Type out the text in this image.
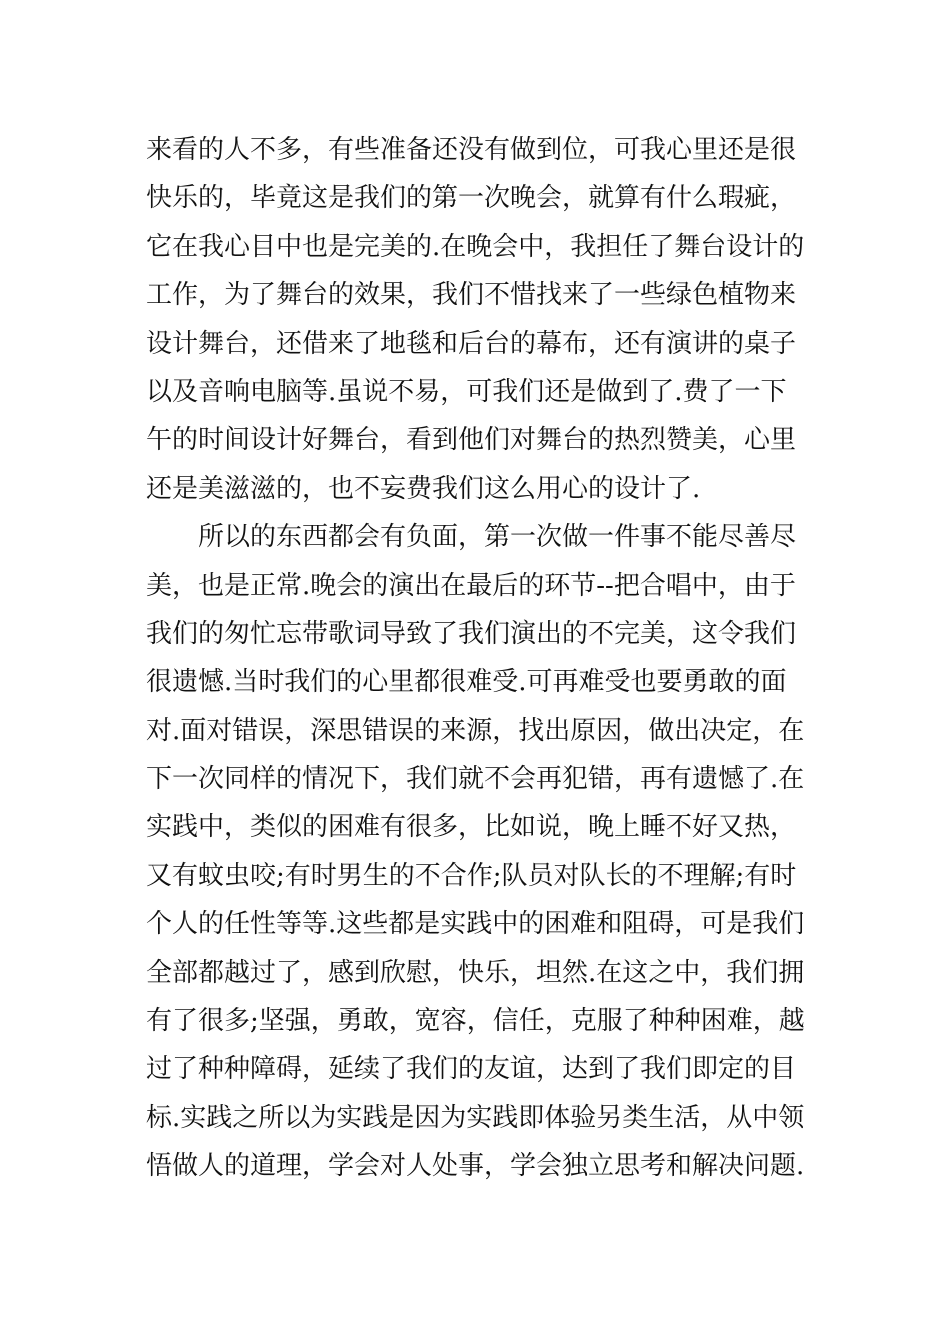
来看的人不多，有些准备还没有做到位，可我心里还是很
快乐的，毕竟这是我们的第一次晚会，就算有什么瑕疵，
它在我心目中也是完美的.在晚会中，我担任了舞台设计的
工作，为了舞台的效果，我们不惜找来了一些绿色植物来
设计舞台，还借来了地毯和后台的幕布，还有演讲的桌子
以及音响电脑等.虽说不易，可我们还是做到了.费了一下
午的时间设计好舞台，看到他们对舞台的热烈赞美，心里
还是美滋滋的，也不妄费我们这么用心的设计了.
　　所以的东西都会有负面，第一次做一件事不能尽善尽
美，也是正常.晚会的演出在最后的环节--把合唱中，由于
我们的匆忙忘带歌词导致了我们演出的不完美，这令我们
很遗憾.当时我们的心里都很难受.可再难受也要勇敢的面
对.面对错误，深思错误的来源，找出原因，做出决定，在
下一次同样的情况下，我们就不会再犯错，再有遗憾了.在
实践中，类似的困难有很多，比如说，晚上睡不好又热，
又有蚊虫咬;有时男生的不合作;队员对队长的不理解;有时
个人的任性等等.这些都是实践中的困难和阻碍，可是我们
全部都越过了，感到欣慰，快乐，坦然.在这之中，我们拥
有了很多;坚强，勇敢，宽容，信任，克服了种种困难，越
过了种种障碍，延续了我们的友谊，达到了我们即定的目
标.实践之所以为实践是因为实践即体验另类生活，从中领
悟做人的道理，学会对人处事，学会独立思考和解决问题.
